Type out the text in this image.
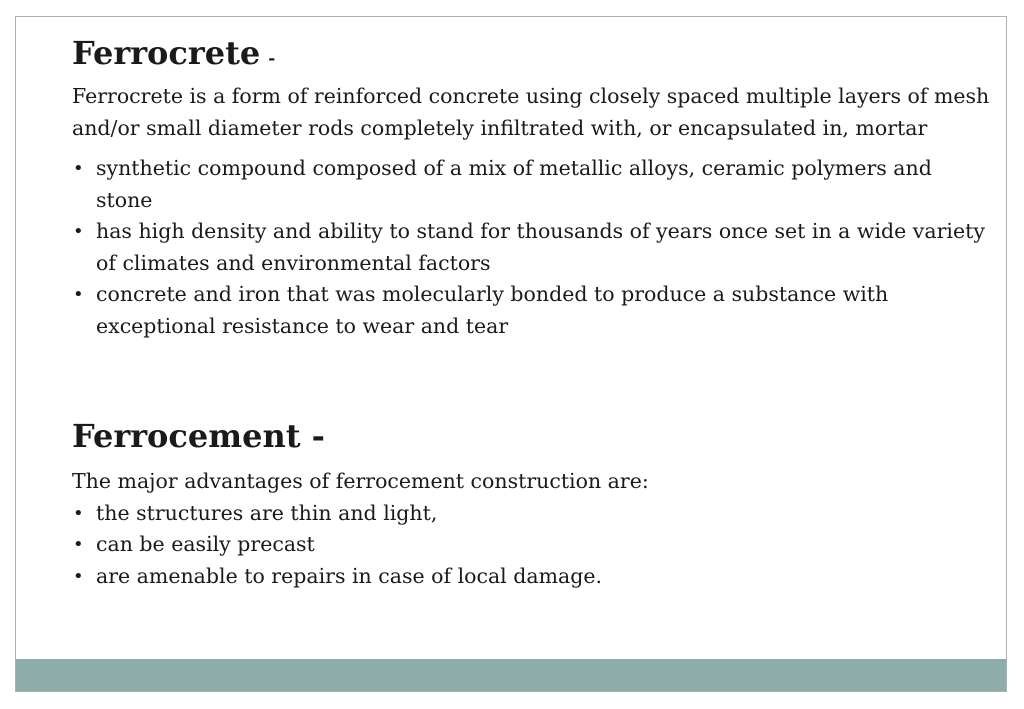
Ferrocrete -

Ferrocrete is a form of reinforced concrete using closely spaced multiple layers of mesh and/or small diameter rods completely infiltrated with, or encapsulated in, mortar

• synthetic compound composed of a mix of metallic alloys, ceramic polymers and stone
• has high density and ability to stand for thousands of years once set in a wide variety of climates and environmental factors
• concrete and iron that was molecularly bonded to produce a substance with exceptional resistance to wear and tear
Ferrocement -

The major advantages of ferrocement construction are:

• the structures are thin and light,
• can be easily precast
• are amenable to repairs in case of local damage.
